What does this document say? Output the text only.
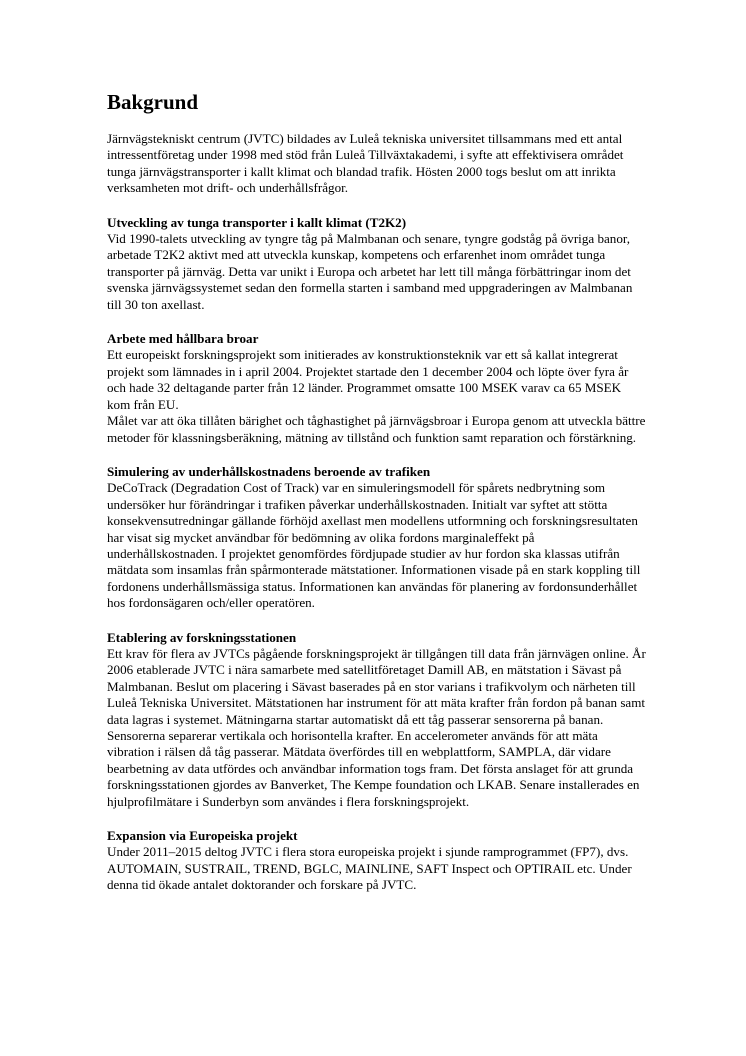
Bakgrund

Järnvägstekniskt centrum (JVTC) bildades av Luleå tekniska universitet tillsammans med ett antal intressentföretag under 1998 med stöd från Luleå Tillväxtakademi, i syfte att effektivisera området tunga järnvägstransporter i kallt klimat och blandad trafik. Hösten 2000 togs beslut om att inrikta verksamheten mot drift- och underhållsfrågor.

Utveckling av tunga transporter i kallt klimat (T2K2)

Vid 1990-talets utveckling av tyngre tåg på Malmbanan och senare, tyngre godståg på övriga banor, arbetade T2K2 aktivt med att utveckla kunskap, kompetens och erfarenhet inom området tunga transporter på järnväg. Detta var unikt i Europa och arbetet har lett till många förbättringar inom det svenska järnvägssystemet sedan den formella starten i samband med uppgraderingen av Malmbanan till 30 ton axellast.

Arbete med hållbara broar

Ett europeiskt forskningsprojekt som initierades av konstruktionsteknik var ett så kallat integrerat projekt som lämnades in i april 2004. Projektet startade den 1 december 2004 och löpte över fyra år och hade 32 deltagande parter från 12 länder. Programmet omsatte 100 MSEK varav ca 65 MSEK kom från EU.

Målet var att öka tillåten bärighet och tåghastighet på järnvägsbroar i Europa genom att utveckla bättre metoder för klassningsberäkning, mätning av tillstånd och funktion samt reparation och förstärkning.

Simulering av underhållskostnadens beroende av trafiken

DeCoTrack (Degradation Cost of Track) var en simuleringsmodell för spårets nedbrytning som undersöker hur förändringar i trafiken påverkar underhållskostnaden. Initialt var syftet att stötta konsekvensutredningar gällande förhöjd axellast men modellens utformning och forskningsresultaten har visat sig mycket användbar för bedömning av olika fordons marginaleffekt på underhållskostnaden. I projektet genomfördes fördjupade studier av hur fordon ska klassas utifrån mätdata som insamlas från spårmonterade mätstationer. Informationen visade på en stark koppling till fordonens underhållsmässiga status. Informationen kan användas för planering av fordonsunderhållet hos fordonsägaren och/eller operatören.

Etablering av forskningsstationen

Ett krav för flera av JVTCs pågående forskningsprojekt är tillgången till data från järnvägen online. År 2006 etablerade JVTC i nära samarbete med satellitföretaget Damill AB, en mätstation i Sävast på Malmbanan. Beslut om placering i Sävast baserades på en stor varians i trafikvolym och närheten till Luleå Tekniska Universitet. Mätstationen har instrument för att mäta krafter från fordon på banan samt data lagras i systemet. Mätningarna startar automatiskt då ett tåg passerar sensorerna på banan. Sensorerna separerar vertikala och horisontella krafter. En accelerometer används för att mäta vibration i rälsen då tåg passerar. Mätdata överfördes till en webplattform, SAMPLA, där vidare bearbetning av data utfördes och användbar information togs fram. Det första anslaget för att grunda forskningsstationen gjordes av Banverket, The Kempe foundation och LKAB. Senare installerades en hjulprofilmätare i Sunderbyn som användes i flera forskningsprojekt.

Expansion via Europeiska projekt

Under 2011–2015 deltog JVTC i flera stora europeiska projekt i sjunde ramprogrammet (FP7), dvs. AUTOMAIN, SUSTRAIL, TREND, BGLC, MAINLINE, SAFT Inspect och OPTIRAIL etc. Under denna tid ökade antalet doktorander och forskare på JVTC.
